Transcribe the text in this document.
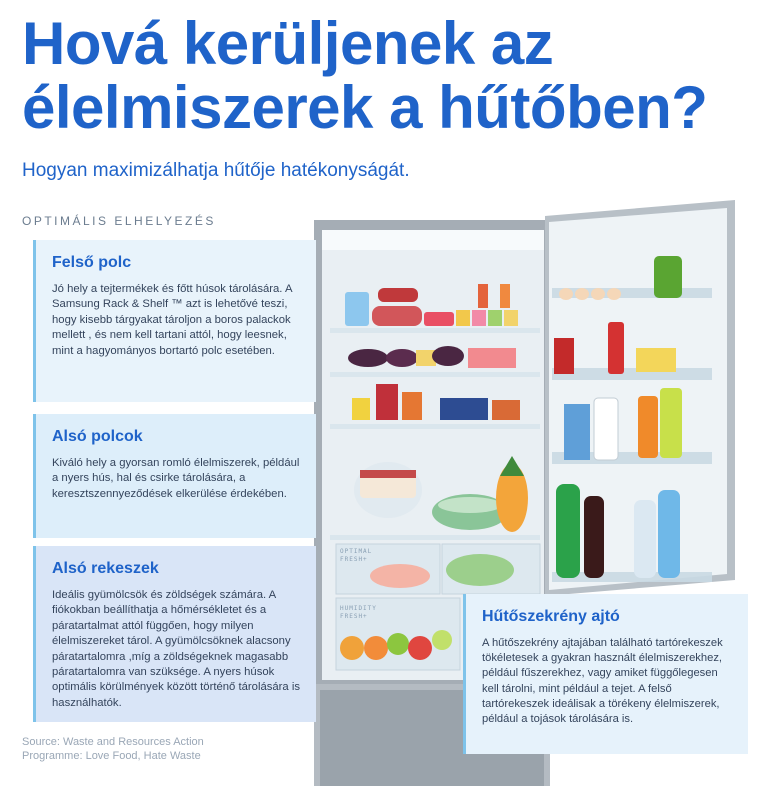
OPTIMAL
FRESH+
HUMIDITY
FRESH+
Hová kerüljenek az
élelmiszerek a hűtőben?
Hogyan maximizálhatja hűtője hatékonyságát.
OPTIMÁLIS ELHELYEZÉS
Felső polc

Jó hely a tejtermékek és főtt húsok tárolására. A Samsung Rack & Shelf ™ azt is lehetővé teszi, hogy kisebb tárgyakat tároljon a boros palackok mellett , és nem kell tartani attól, hogy leesnek, mint a hagyományos bortartó polc esetében.

Alsó polcok

Kiváló hely a gyorsan romló élelmiszerek, például a nyers hús, hal és csirke tárolására, a keresztszennyeződések elkerülése érdekében.

Alsó rekeszek

Ideális gyümölcsök és zöldségek számára. A fiókokban beállíthatja a hőmérsékletet és a páratartalmat attól függően, hogy milyen élelmiszereket tárol. A gyümölcsöknek alacsony páratartalomra ,míg a zöldségeknek magasabb páratartalomra van szüksége. A nyers húsok optimális körülmények között történő tárolására is használhatók.

Hűtőszekrény ajtó

A hűtőszekrény ajtajában található tartórekeszek tökéletesek a gyakran használt élelmiszerekhez, például fűszerekhez, vagy amiket függőlegesen kell tárolni, mint például a tejet. A felső tartórekeszek ideálisak a törékeny élelmiszerek, például a tojások tárolására is.

Source: Waste and Resources Action Programme: Love Food, Hate Waste
